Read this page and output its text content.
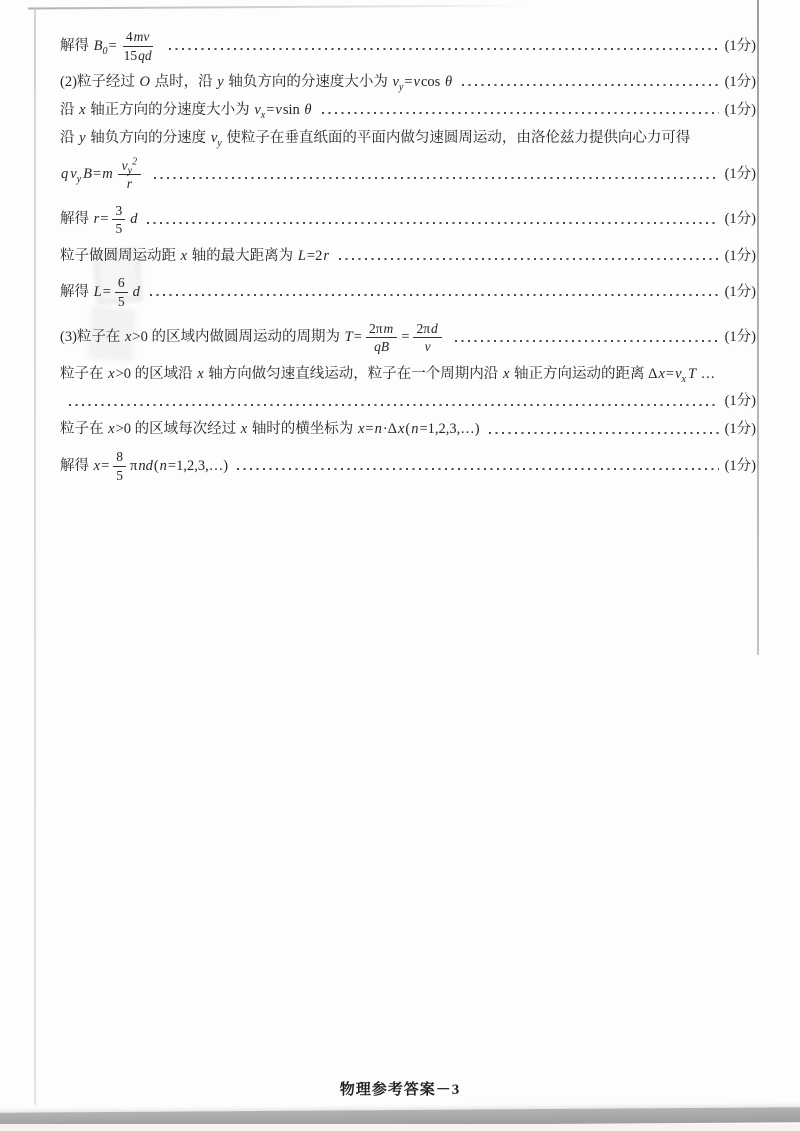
解得 $B_0 = \frac{4 mv}{15 qd}$	(1分)
(2)粒子经过 O 点时，沿 y 轴负方向的分速度大小为 $v_y = v$ cos θ	(1分)
沿 x 轴正方向的分速度大小为 $v_x = v$ sin θ	(1分)
沿 y 轴负方向的分速度 $v_y$ 使粒子在垂直纸面的平面内做匀速圆周运动，由洛伦兹力提供向心力可得
q $v_y$ B = m $\frac{v_y^2}{r}$	(1分)
解得 $r = \frac{3}{5}$ d	(1分)
粒子做圆周运动距 x 轴的最大距离为 L =2 r	(1分)
解得 $L = \frac{6}{5}$ d	(1分)
(3)粒子在 x >0 的区域内做圆周运动的周期为 $T = \frac{\text{2π m}}{qB} = \frac{\text{2π d}}{v}$	(1分)
粒子在 x >0 的区域沿 x 轴方向做匀速直线运动，粒子在一个周期内沿 x 轴正方向运动的距离 Δ $x = v_x$ T …
(1分)
粒子在 x >0 的区域每次经过 x 轴时的横坐标为 x = n ·Δ x ( n =1,2,3,…)	(1分)
解得 $x = \frac{8}{5}$ π nd ( n =1,2,3,…)	(1分)
物理参考答案－3
